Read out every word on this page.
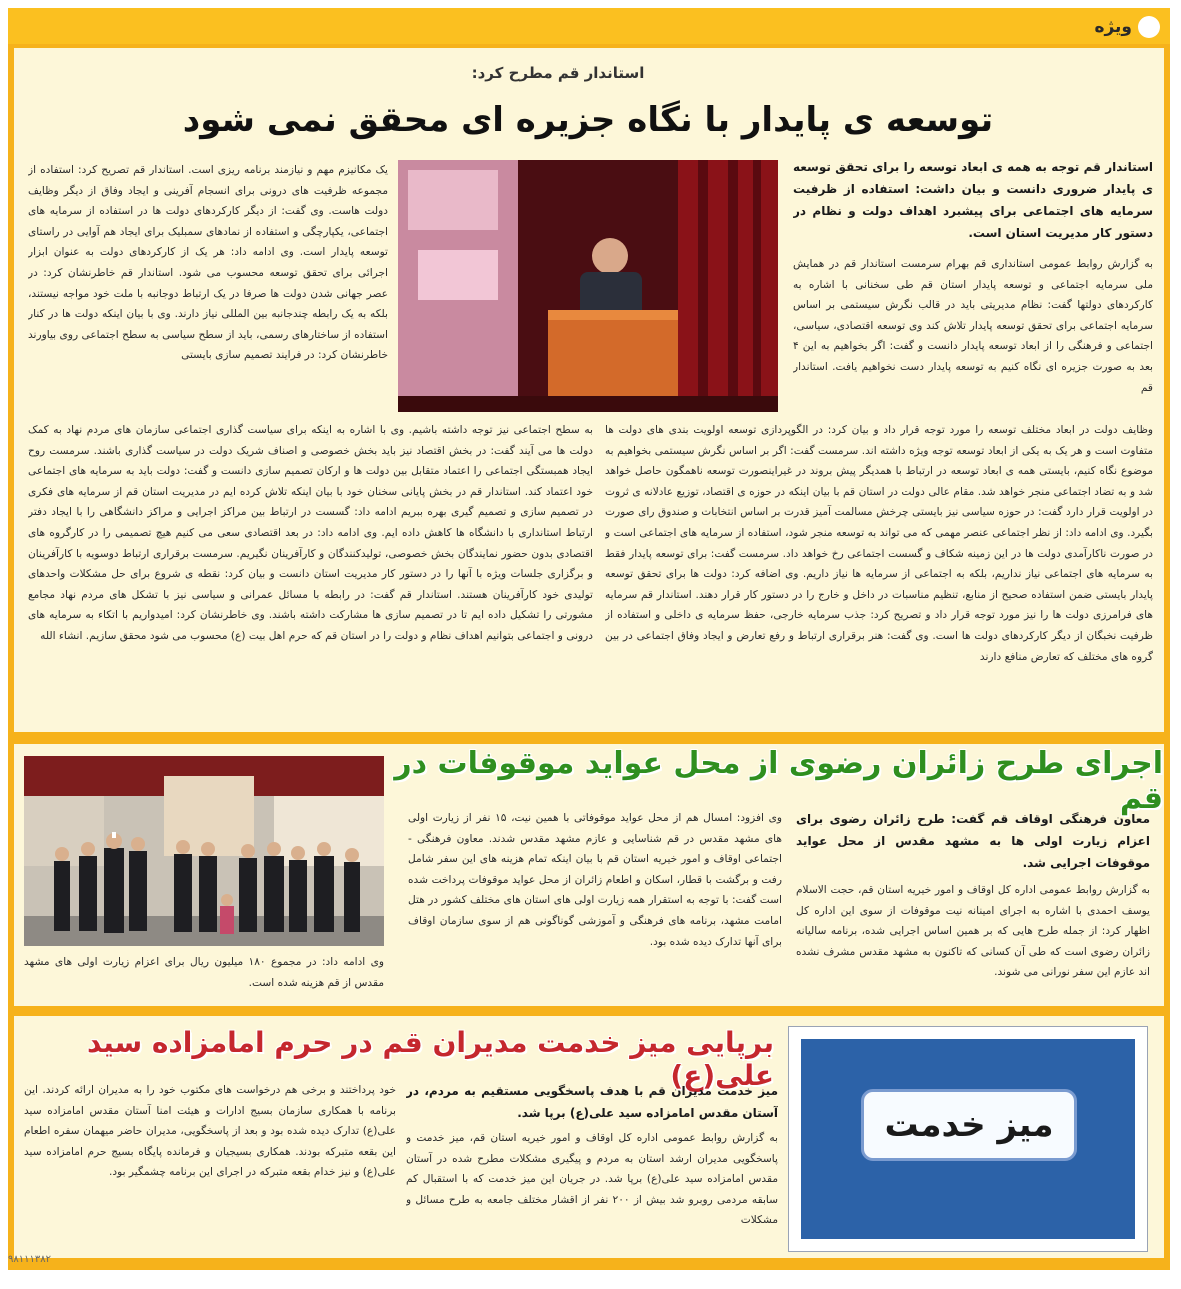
ویژه
استاندار قم مطرح کرد:
توسعه ی پایدار با نگاه جزیره ای محقق نمی شود
استاندار قم توجه به همه ی ابعاد توسعه را برای تحقق توسعه ی پایدار ضروری دانست و بیان داشت: استفاده از ظرفیت سرمایه های اجتماعی برای پیشبرد اهداف دولت و نظام در دستور کار مدیریت استان است.
به گزارش روابط عمومی استانداری قم بهرام سرمست استاندار قم در همایش ملی سرمایه اجتماعی و توسعه پایدار استان قم طی سخنانی با اشاره به کارکردهای دولتها گفت: نظام مدیریتی باید در قالب نگرش سیستمی بر اساس سرمایه اجتماعی برای تحقق توسعه پایدار تلاش کند وی توسعه اقتصادی، سیاسی، اجتماعی و فرهنگی را از ابعاد توسعه پایدار دانست و گفت: اگر بخواهیم به این ۴ بعد به صورت جزیره ای نگاه کنیم به توسعه پایدار دست نخواهیم یافت. استاندار قم
یک مکانیزم مهم و نیازمند برنامه ریزی است. استاندار قم تصریح کرد: استفاده از مجموعه ظرفیت های درونی برای انسجام آفرینی و ایجاد وفاق از دیگر وظایف دولت هاست. وی گفت: از دیگر کارکردهای دولت ها در استفاده از سرمایه های اجتماعی، یکپارچگی و استفاده از نمادهای سمبلیک برای ایجاد هم آوایی در راستای توسعه پایدار است. وی ادامه داد: هر یک از کارکردهای دولت به عنوان ابزار اجرائی برای تحقق توسعه محسوب می شود. استاندار قم خاطرنشان کرد: در عصر جهانی شدن دولت ها صرفا در یک ارتباط دوجانبه با ملت خود مواجه نیستند، بلکه به یک رابطه چندجانبه بین المللی نیاز دارند. وی با بیان اینکه دولت ها در کنار استفاده از ساختارهای رسمی، باید از سطح سیاسی به سطح اجتماعی روی بیاورند خاطرنشان کرد: در فرایند تصمیم سازی بایستی
وظایف دولت در ابعاد مختلف توسعه را مورد توجه قرار داد و بیان کرد: در الگوپردازی توسعه اولویت بندی های دولت ها متفاوت است و هر یک به یکی از ابعاد توسعه توجه ویژه داشته اند. سرمست گفت: اگر بر اساس نگرش سیستمی بخواهیم به موضوع نگاه کنیم، بایستی همه ی ابعاد توسعه در ارتباط با همدیگر پیش بروند در غیراینصورت توسعه ناهمگون حاصل خواهد شد و به تضاد اجتماعی منجر خواهد شد. مقام عالی دولت در استان قم با بیان اینکه در حوزه ی اقتصاد، توزیع عادلانه ی ثروت در اولویت قرار دارد گفت: در حوزه سیاسی نیز بایستی چرخش مسالمت آمیز قدرت بر اساس انتخابات و صندوق رای صورت بگیرد. وی ادامه داد: از نظر اجتماعی عنصر مهمی که می تواند به توسعه منجر شود، استفاده از سرمایه های اجتماعی است و در صورت ناکارآمدی دولت ها در این زمینه شکاف و گسست اجتماعی رخ خواهد داد. سرمست گفت: برای توسعه پایدار فقط به سرمایه های اجتماعی نیاز نداریم، بلکه به اجتماعی از سرمایه ها نیاز داریم. وی اضافه کرد: دولت ها برای تحقق توسعه پایدار بایستی ضمن استفاده صحیح از منابع، تنظیم مناسبات در داخل و خارج را در دستور کار قرار دهند. استاندار قم سرمایه های فرامرزی دولت ها را نیز مورد توجه قرار داد و تصریح کرد: جذب سرمایه خارجی، حفظ سرمایه ی داخلی و استفاده از ظرفیت نخبگان از دیگر کارکردهای دولت ها است. وی گفت: هنر برقراری ارتباط و رفع تعارض و ایجاد وفاق اجتماعی در بین گروه های مختلف که تعارض منافع دارند
به سطح اجتماعی نیز توجه داشته باشیم. وی با اشاره به اینکه برای سیاست گذاری اجتماعی سازمان های مردم نهاد به کمک دولت ها می آیند گفت: در بخش اقتصاد نیز باید بخش خصوصی و اصناف شریک دولت در سیاست گذاری باشند. سرمست روح ایجاد همبستگی اجتماعی را اعتماد متقابل بین دولت ها و ارکان تصمیم سازی دانست و گفت: دولت باید به سرمایه های اجتماعی خود اعتماد کند. استاندار قم در بخش پایانی سخنان خود با بیان اینکه تلاش کرده ایم در مدیریت استان قم از سرمایه های فکری در تصمیم سازی و تصمیم گیری بهره ببریم ادامه داد: گسست در ارتباط بین مراکز اجرایی و مراکز دانشگاهی را با ایجاد دفتر ارتباط استانداری با دانشگاه ها کاهش داده ایم. وی ادامه داد: در بعد اقتصادی سعی می کنیم هیچ تصمیمی را در کارگروه های اقتصادی بدون حضور نمایندگان بخش خصوصی، تولیدکنندگان و کارآفرینان نگیریم. سرمست برقراری ارتباط دوسویه با کارآفرینان و برگزاری جلسات ویژه با آنها را در دستور کار مدیریت استان دانست و بیان کرد: نقطه ی شروع برای حل مشکلات واحدهای تولیدی خود کارآفرینان هستند. استاندار قم گفت: در رابطه با مسائل عمرانی و سیاسی نیز با تشکل های مردم نهاد مجامع مشورتی را تشکیل داده ایم تا در تصمیم سازی ها مشارکت داشته باشند. وی خاطرنشان کرد: امیدواریم با اتکاء به سرمایه های درونی و اجتماعی بتوانیم اهداف نظام و دولت را در استان قم که حرم اهل بیت (ع) محسوب می شود محقق سازیم. انشاء الله
اجرای طرح زائران رضوی از محل عواید موقوفات در قم
معاون فرهنگی اوقاف قم گفت: طرح زائران رضوی برای اعزام زیارت اولی ها به مشهد مقدس از محل عواید موقوفات اجرایی شد.
به گزارش روابط عمومی اداره کل اوقاف و امور خیریه استان قم، حجت الاسلام یوسف احمدی با اشاره به اجرای امینانه نیت موقوفات از سوی این اداره کل اظهار کرد: از جمله طرح هایی که بر همین اساس اجرایی شده، برنامه سالیانه زائران رضوی است که طی آن کسانی که تاکنون به مشهد مقدس مشرف نشده اند عازم این سفر نورانی می شوند.
وی افزود: امسال هم از محل عواید موقوفاتی با همین نیت، ۱۵ نفر از زیارت اولی های مشهد مقدس در قم شناسایی و عازم مشهد مقدس شدند. معاون فرهنگی - اجتماعی اوقاف و امور خیریه استان قم با بیان اینکه تمام هزینه های این سفر شامل رفت و برگشت با قطار، اسکان و اطعام زائران از محل عواید موقوفات پرداخت شده است گفت: با توجه به استقرار همه زیارت اولی های استان های مختلف کشور در هتل امامت مشهد، برنامه های فرهنگی و آموزشی گوناگونی هم از سوی سازمان اوقاف برای آنها تدارک دیده شده بود.
وی ادامه داد: در مجموع ۱۸۰ میلیون ریال برای اعزام زیارت اولی های مشهد مقدس از قم هزینه شده است.
میز خدمت
برپایی میز خدمت مدیران قم در حرم امامزاده سید علی(ع)
میز خدمت مدیران قم با هدف پاسخگویی مستقیم به مردم، در آستان مقدس امامزاده سید علی(ع) برپا شد.
به گزارش روابط عمومی اداره کل اوقاف و امور خیریه استان قم، میز خدمت و پاسخگویی مدیران ارشد استان به مردم و پیگیری مشکلات مطرح شده در آستان مقدس امامزاده سید علی(ع) برپا شد. در جریان این میز خدمت که با استقبال کم سابقه مردمی روبرو شد بیش از ۲۰۰ نفر از اقشار مختلف جامعه به طرح مسائل و مشکلات
خود پرداختند و برخی هم درخواست های مکتوب خود را به مدیران ارائه کردند. این برنامه با همکاری سازمان بسیج ادارات و هیئت امنا آستان مقدس امامزاده سید علی(ع) تدارک دیده شده بود و بعد از پاسخگویی، مدیران حاضر میهمان سفره اطعام این بقعه متبرکه بودند. همکاری بسیجیان و فرمانده پایگاه بسیج حرم امامزاده سید علی(ع) و نیز خدام بقعه متبرکه در اجرای این برنامه چشمگیر بود.
۹۸۱۱۱۳۸۲
